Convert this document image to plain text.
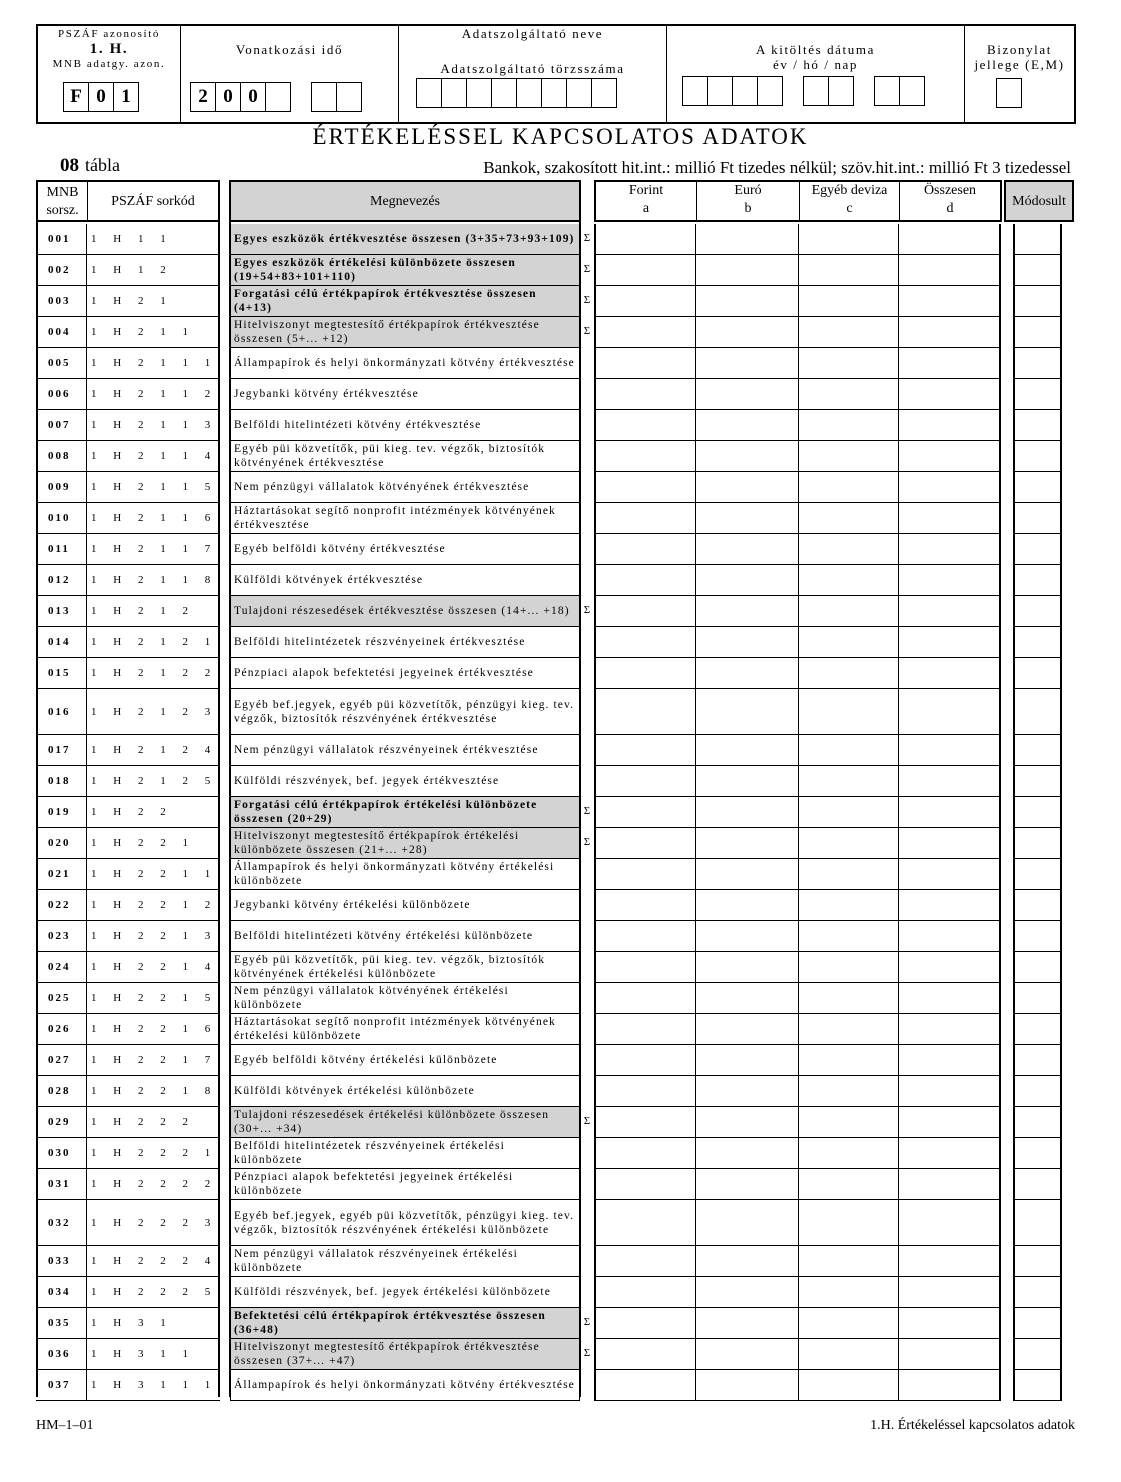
PSZÁF azonosító
1. H.
MNB adatgy. azon.
F 0 1
Vonatkozási idő
2 0 0
Adatszolgáltató neve
Adatszolgáltató törzsszáma
A kitöltés dátuma
év / hó / nap

Bizonylat jellege (E,M)
ÉRTÉKELÉSSEL KAPCSOLATOS ADATOK
08 tábla	Bankok, szakosított hit.int.: millió Ft tizedes nélkül; szöv.hit.int.: millió Ft 3 tizedessel
MNB sorsz.
PSZÁF sorkód	Megnevezés
Forint
a
Euró
b
Egyéb deviza
c
Összesen
d	Módosult
001	1 H 1 1	Egyes eszközök értékvesztése összesen (3+35+73+93+109) Σ
002	1 H 1 2
Egyes eszközök értékelési különbözete összesen (19+54+83+101+110)
Σ
003	1 H 2 1
Forgatási célú értékpapírok értékvesztése összesen (4+13)
Σ
004	1 H 2 1 1
Hitelviszonyt megtestesítő értékpapírok értékvesztése összesen (5+... +12)
Σ
005	1 H 2 1 1 1 Állampapírok és helyi önkormányzati kötvény értékvesztése
006	1 H 2 1 1 2 Jegybanki kötvény értékvesztése
007	1 H 2 1 1 3 Belföldi hitelintézeti kötvény értékvesztése
008	1 H 2 1 1 4
Egyéb püi közvetítők, püi kieg. tev. végzők, biztosítók kötvényének értékvesztése
009	1 H 2 1 1 5 Nem pénzügyi vállalatok kötvényének értékvesztése
010	1 H 2 1 1 6
Háztartásokat segítő nonprofit intézmények kötvényének értékvesztése
011	1 H 2 1 1 7 Egyéb belföldi kötvény értékvesztése
012	1 H 2 1 1 8 Külföldi kötvények értékvesztése
013	1 H 2 1 2	Tulajdoni részesedések értékvesztése összesen (14+... +18) Σ
014	1 H 2 1 2 1 Belföldi hitelintézetek részvényeinek értékvesztése
015	1 H 2 1 2 2 Pénzpiaci alapok befektetési jegyeinek értékvesztése
016	1 H 2 1 2 3
Egyéb bef.jegyek, egyéb püi közvetítők, pénzügyi kieg. tev. végzők, biztosítók részvényének értékvesztése
017	1 H 2 1 2 4 Nem pénzügyi vállalatok részvényeinek értékvesztése
018	1 H 2 1 2 5 Külföldi részvények, bef. jegyek értékvesztése
019	1 H 2 2
Forgatási célú értékpapírok értékelési különbözete összesen (20+29)
Σ
020	1 H 2 2 1
Hitelviszonyt megtestesítő értékpapírok értékelési különbözete összesen (21+... +28)
Σ
021	1 H 2 2 1 1
Állampapírok és helyi önkormányzati kötvény értékelési különbözete
022	1 H 2 2 1 2 Jegybanki kötvény értékelési különbözete
023	1 H 2 2 1 3 Belföldi hitelintézeti kötvény értékelési különbözete
024	1 H 2 2 1 4
Egyéb püi közvetítők, püi kieg. tev. végzők, biztosítók kötvényének értékelési különbözete
025	1 H 2 2 1 5
Nem pénzügyi vállalatok kötvényének értékelési különbözete
026	1 H 2 2 1 6
Háztartásokat segítő nonprofit intézmények kötvényének értékelési különbözete
027	1 H 2 2 1 7 Egyéb belföldi kötvény értékelési különbözete
028	1 H 2 2 1 8 Külföldi kötvények értékelési különbözete
029	1 H 2 2 2
Tulajdoni részesedések értékelési különbözete összesen (30+... +34)
Σ
030	1 H 2 2 2 1
Belföldi hitelintézetek részvényeinek értékelési különbözete
031	1 H 2 2 2 2
Pénzpiaci alapok befektetési jegyeinek értékelési különbözete
032	1 H 2 2 2 3
Egyéb bef.jegyek, egyéb püi közvetítők, pénzügyi kieg. tev. végzők, biztosítók részvényének értékelési különbözete
033	1 H 2 2 2 4
Nem pénzügyi vállalatok részvényeinek értékelési különbözete
034	1 H 2 2 2 5 Külföldi részvények, bef. jegyek értékelési különbözete
035	1 H 3 1
Befektetési célú értékpapírok értékvesztése összesen (36+48)
Σ
036	1 H 3 1 1
Hitelviszonyt megtestesítő értékpapírok értékvesztése összesen (37+... +47)
Σ
037	1 H 3 1 1 1 Állampapírok és helyi önkormányzati kötvény értékvesztése
HM–1–01	1.H. Értékeléssel kapcsolatos adatok
